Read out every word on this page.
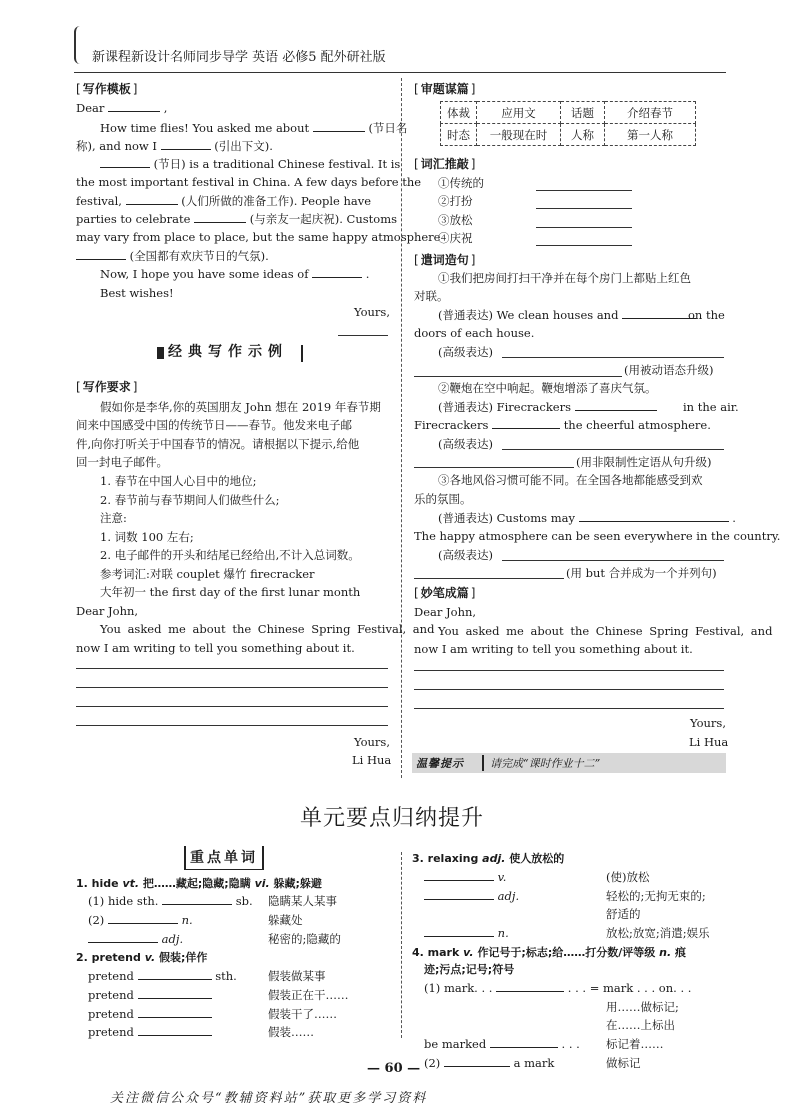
新课程新设计名师同步导学 英语 必修5 配外研社版
[ 写作模板 ]
Dear	,
How time flies! You asked me about	(节日名
称), and now I	(引出下文).
(节日) is a traditional Chinese festival. It is
the most important festival in China. A few days before the
festival,	(人们所做的准备工作). People have
parties to celebrate	(与亲友一起庆祝). Customs
may vary from place to place, but the same happy atmosphere
(全国都有欢庆节日的气氛).
Now, I hope you have some ideas of	.
Best wishes!
Yours,
经典写作示例
[ 写作要求 ]
假如你是李华,你的英国朋友 John 想在 2019 年春节期
间来中国感受中国的传统节日——春节。他发来电子邮
件,向你打听关于中国春节的情况。请根据以下提示,给他
回一封电子邮件。
1. 春节在中国人心目中的地位;
2. 春节前与春节期间人们做些什么;
注意:
1. 词数 100 左右;
2. 电子邮件的开头和结尾已经给出,不计入总词数。
参考词汇:对联 couplet 爆竹 firecracker
大年初一 the first day of the first lunar month
Dear John,
You asked me about the Chinese Spring Festival, and
now I am writing to tell you something about it.
Yours,
Li Hua
[ 审题谋篇 ]
体裁	应用文	话题	介绍春节
时态	一般现在时	人称	第一人称
[ 词汇推敲 ]
①传统的
②打扮
③放松
④庆祝
[ 遣词造句 ]
①我们把房间打扫干净并在每个房门上都贴上红色
对联。
(普通表达) We clean houses and	on the
doors of each house.
(高级表达)
(用被动语态升级)
②鞭炮在空中响起。鞭炮增添了喜庆气氛。
(普通表达) Firecrackers	in the air.
Firecrackers	the cheerful atmosphere.
(高级表达)
(用非限制性定语从句升级)
③各地风俗习惯可能不同。在全国各地都能感受到欢
乐的氛围。
(普通表达) Customs may	.
The happy atmosphere can be seen everywhere in the country.
(高级表达)
(用 but 合并成为一个并列句)
[ 妙笔成篇 ]
Dear John,
You asked me about the Chinese Spring Festival, and
now I am writing to tell you something about it.
Yours,
Li Hua
温馨提示 请完成“课时作业十二”
单元要点归纳提升
重点单词
1. hide vt. 把……藏起;隐藏;隐瞒 vi. 躲藏;躲避
(1) hide sth.	sb. 隐瞒某人某事
(2)	n.	躲藏处
adj.	秘密的;隐藏的
2. pretend v. 假装;佯作
pretend	sth.	假装做某事
pretend	假装正在干……
pretend	假装干了……
pretend	假装……
3. relaxing adj. 使人放松的
v.	(使)放松
adj.	轻松的;无拘无束的;
舒适的
n.	放松;放宽;消遣;娱乐
4. mark v. 作记号于;标志;给……打分数/评等级 n. 痕
迹;污点;记号;符号
(1) mark. . .	. . . = mark . . . on. . .
用……做标记;
在……上标出
be marked	. . . 标记着……
(2)	a mark	做标记
— 60 —
关注微信公众号“教辅资料站”获取更多学习资料
